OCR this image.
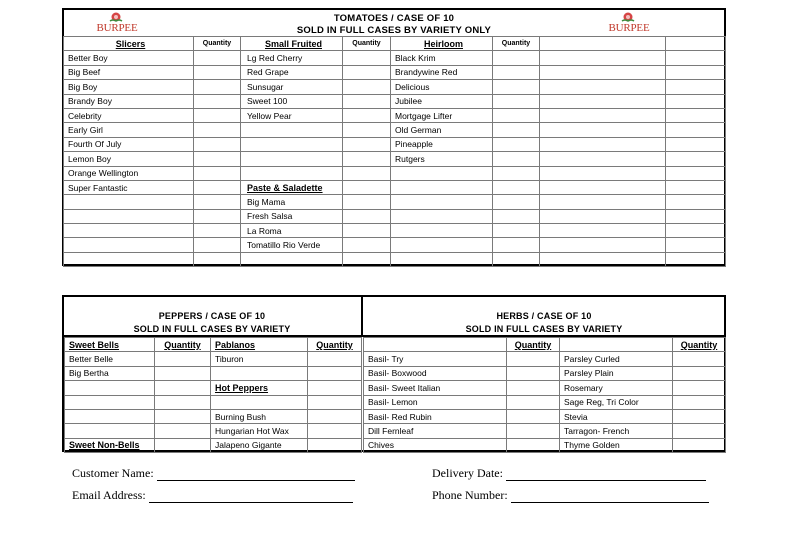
BURPEE
TOMATOES / CASE OF 10
SOLD IN FULL CASES BY VARIETY ONLY	BURPEE
Slicers	Quantity	Small Fruited	Quantity	Heirloom	Quantity		
Better Boy		Lg Red Cherry		Black Krim			
Big Beef		Red Grape		Brandywine Red			
Big Boy		Sunsugar		Delicious			
Brandy Boy		Sweet 100		Jubilee			
Celebrity		Yellow Pear		Mortgage Lifter			
Early Girl				Old German			
Fourth Of July				Pineapple			
Lemon Boy				Rutgers			
Orange Wellington							
Super Fantastic		Paste & Saladette					
		Big Mama					
		Fresh Salsa					
		La Roma					
		Tomatillo Rio Verde					

PEPPERS / CASE OF 10
SOLD IN FULL CASES BY VARIETY
HERBS / CASE OF 10
SOLD IN FULL CASES BY VARIETY
Sweet Bells	Quantity	Pablanos	Quantity
Better Belle		Tiburon	
Big Bertha			
		Hot Peppers	

		Burning Bush	
		Hungarian Hot Wax	
Sweet Non-Bells		Jalapeno Gigante	
	Quantity		Quantity
Basil- Try		Parsley Curled	
Basil- Boxwood		Parsley Plain	
Basil- Sweet Italian		Rosemary	
Basil- Lemon		Sage Reg, Tri Color	
Basil- Red Rubin		Stevia	
Dill Fernleaf		Tarragon- French	
Chives		Thyme Golden	
Customer Name:
Email Address:
Delivery Date:
Phone Number:
